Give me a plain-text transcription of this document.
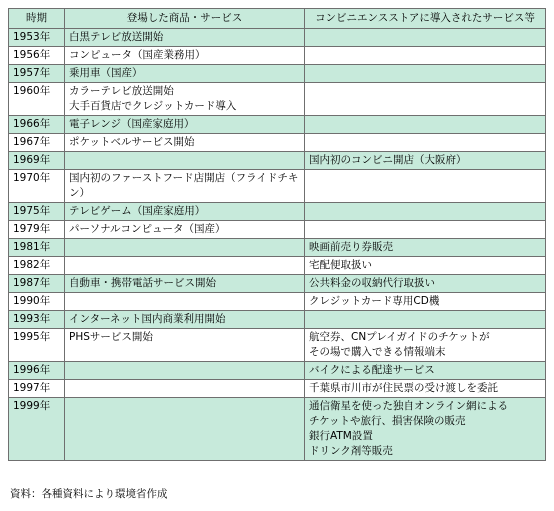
時期	登場した商品・サービス	コンビニエンスストアに導入されたサービス等
1953年	白黒テレビ放送開始	
1956年	コンピュータ（国産業務用）	
1957年	乗用車（国産）	
1960年	カラーテレビ放送開始
大手百貨店でクレジットカード導入	
1966年	電子レンジ（国産家庭用）	
1967年	ポケットベルサービス開始	
1969年		国内初のコンビニ開店（大阪府）
1970年	国内初のファーストフード店開店（フライドチキン）	
1975年	テレビゲーム（国産家庭用）	
1979年	パーソナルコンピュータ（国産）	
1981年		映画前売り券販売
1982年		宅配便取扱い
1987年	自動車・携帯電話サービス開始	公共料金の収納代行取扱い
1990年		クレジットカード専用CD機
1993年	インターネット国内商業利用開始	
1995年	PHSサービス開始	航空券、CNプレイガイドのチケットが
その場で購入できる情報端末
1996年		バイクによる配達サービス
1997年		千葉県市川市が住民票の受け渡しを委託
1999年		通信衛星を使った独自オンライン網による
チケットや旅行、損害保険の販売
銀行ATM設置
ドリンク剤等販売
資料：各種資料により環境省作成
